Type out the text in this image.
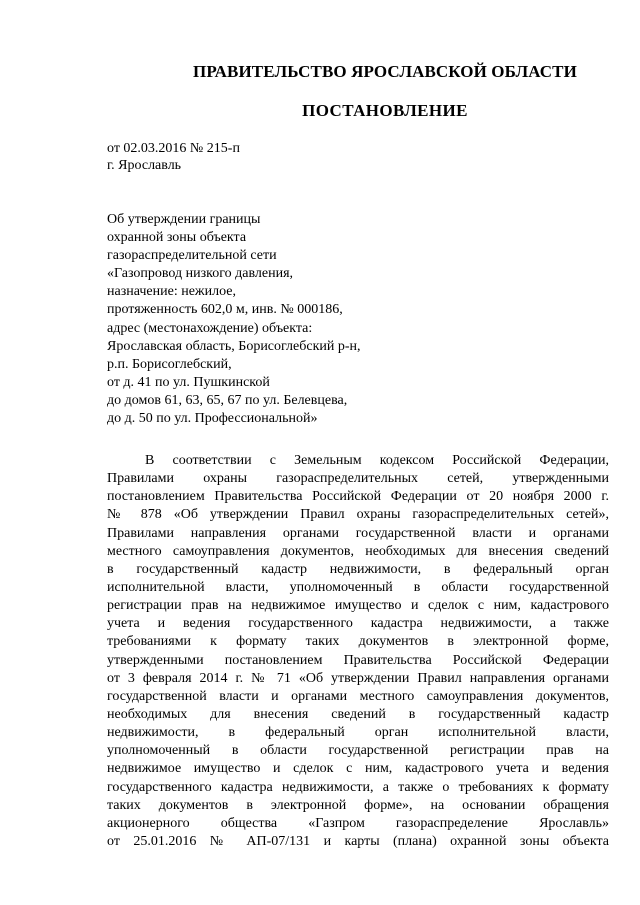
ПРАВИТЕЛЬСТВО ЯРОСЛАВСКОЙ ОБЛАСТИ
ПОСТАНОВЛЕНИЕ
от 02.03.2016 № 215-п
г. Ярославль
Об утверждении границы
охранной зоны объекта
газораспределительной сети
«Газопровод низкого давления,
назначение: нежилое,
протяженность 602,0 м, инв. № 000186,
адрес (местонахождение) объекта:
Ярославская область, Борисоглебский р-н,
р.п. Борисоглебский,
от д. 41 по ул. Пушкинской
до домов 61, 63, 65, 67 по ул. Белевцева,
до д. 50 по ул. Профессиональной»
В соответствии с Земельным кодексом Российской Федерации,
Правилами охраны газораспределительных сетей, утвержденными
постановлением Правительства Российской Федерации от 20 ноября 2000 г.
№ 878 «Об утверждении Правил охраны газораспределительных сетей»,
Правилами направления органами государственной власти и органами
местного самоуправления документов, необходимых для внесения сведений
в государственный кадастр недвижимости, в федеральный орган
исполнительной власти, уполномоченный в области государственной
регистрации прав на недвижимое имущество и сделок с ним, кадастрового
учета и ведения государственного кадастра недвижимости, а также
требованиями к формату таких документов в электронной форме,
утвержденными постановлением Правительства Российской Федерации
от 3 февраля 2014 г. № 71 «Об утверждении Правил направления органами
государственной власти и органами местного самоуправления документов,
необходимых для внесения сведений в государственный кадастр
недвижимости, в федеральный орган исполнительной власти,
уполномоченный в области государственной регистрации прав на
недвижимое имущество и сделок с ним, кадастрового учета и ведения
государственного кадастра недвижимости, а также о требованиях к формату
таких документов в электронной форме», на основании обращения
акционерного общества «Газпром газораспределение Ярославль»
от 25.01.2016 № АП-07/131 и карты (плана) охранной зоны объекта
